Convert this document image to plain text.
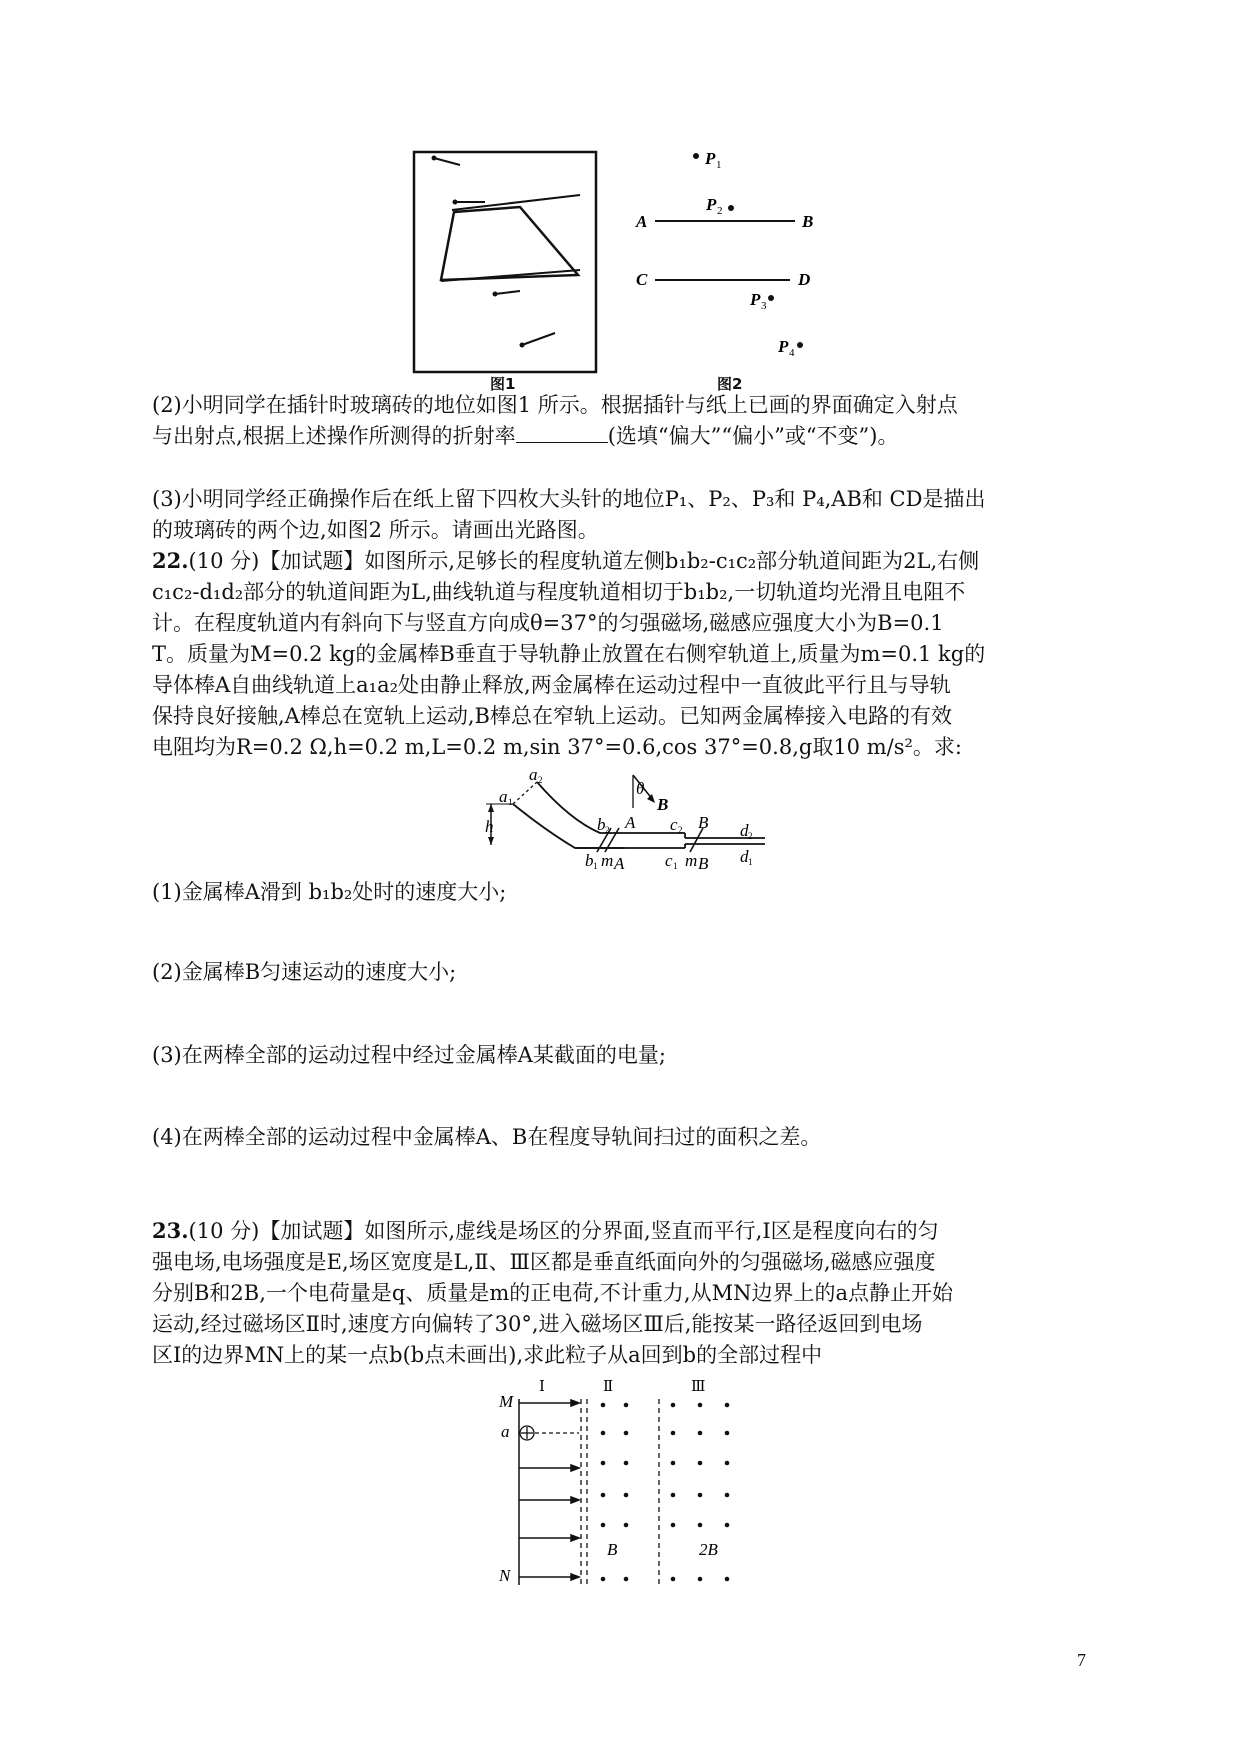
图1
P 1
P 2
A	B
C	D
P 3
P 4
图2
(2)小明同学在插针时玻璃砖的地位如图1 所示。根据插针与纸上已画的界面确定入射点
与出射点,根据上述操作所测得的折射率	(选填“偏大”“偏小”或“不变”)。
(3)小明同学经正确操作后在纸上留下四枚大头针的地位P₁、P₂、P₃和 P₄,AB和 CD是描出
的玻璃砖的两个边,如图2 所示。请画出光路图。
22.(10 分)【加试题】如图所示,足够长的程度轨道左侧b₁b₂-c₁c₂部分轨道间距为2L,右侧
c₁c₂-d₁d₂部分的轨道间距为L,曲线轨道与程度轨道相切于b₁b₂,一切轨道均光滑且电阻不
计。在程度轨道内有斜向下与竖直方向成θ=37°的匀强磁场,磁感应强度大小为B=0.1
T。质量为M=0.2 kg的金属棒B垂直于导轨静止放置在右侧窄轨道上,质量为m=0.1 kg的
导体棒A自曲线轨道上a₁a₂处由静止释放,两金属棒在运动过程中一直彼此平行且与导轨
保持良好接触,A棒总在宽轨上运动,B棒总在窄轨上运动。已知两金属棒接入电路的有效
电阻均为R=0.2 Ω,h=0.2 m,L=0.2 m,sin 37°=0.6,cos 37°=0.8,g取10 m/s²。求:
h
a 1
a 2
b 2 A c 2 B d 2
b 1 m A c 1 m B d 1
θ
B
(1)金属棒A滑到 b₁b₂处时的速度大小;
(2)金属棒B匀速运动的速度大小;
(3)在两棒全部的运动过程中经过金属棒A某截面的电量;
(4)在两棒全部的运动过程中金属棒A、B在程度导轨间扫过的面积之差。
23.(10 分)【加试题】如图所示,虚线是场区的分界面,竖直而平行,Ⅰ区是程度向右的匀
强电场,电场强度是E,场区宽度是L,Ⅱ、Ⅲ区都是垂直纸面向外的匀强磁场,磁感应强度
分别B和2B,一个电荷量是q、质量是m的正电荷,不计重力,从MN边界上的a点静止开始
运动,经过磁场区Ⅱ时,速度方向偏转了30°,进入磁场区Ⅲ后,能按某一路径返回到电场
区Ⅰ的边界MN上的某一点b(b点未画出),求此粒子从a回到b的全部过程中
Ⅰ	Ⅱ	Ⅲ
M
a
N
B	2B
7
